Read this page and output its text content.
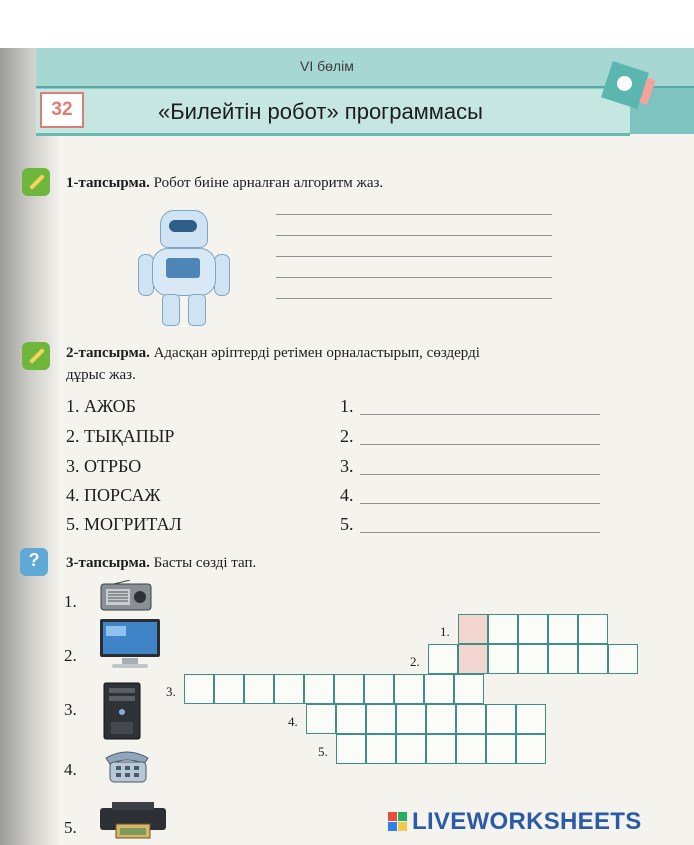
VI бөлім
32	«Билейтін робот» программасы
1-тапсырма. Робот биіне арналған алгоритм жаз.
2-тапсырма. Адасқан әріптерді ретімен орналастырып, сөздерді
дұрыс жаз.
1. АЖОБ
2. ТЫҚАПЫР
3. ОТРБО
4. ПОРСАЖ
5. МОГРИТАЛ
1.
2.
3.
4.
5.
?	3-тапсырма. Басты сөзді тап.
1.
2.
3.
4.
5.
1.
2.
3.
4.
5.
LIVEWORKSHEETS
